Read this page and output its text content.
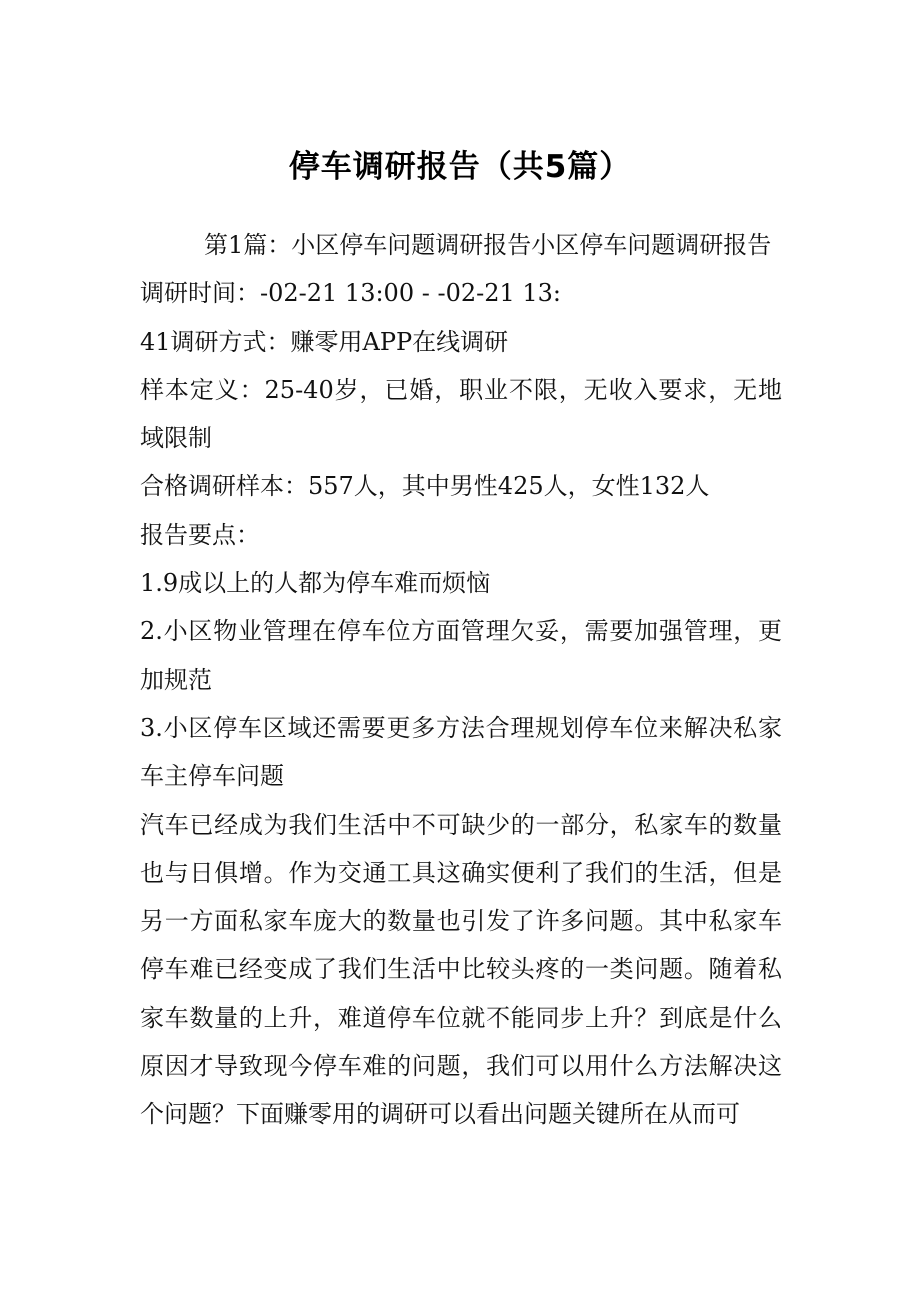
停车调研报告（共5篇）

第1篇：小区停车问题调研报告小区停车问题调研报告

调研时间：-02-21 13:00 - -02-21 13:

41调研方式：赚零用APP在线调研

样本定义：25-40岁，已婚，职业不限，无收入要求，无地域限制

合格调研样本：557人，其中男性425人，女性132人

报告要点：

1.9成以上的人都为停车难而烦恼

2.小区物业管理在停车位方面管理欠妥，需要加强管理，更加规范

3.小区停车区域还需要更多方法合理规划停车位来解决私家车主停车问题

汽车已经成为我们生活中不可缺少的一部分，私家车的数量也与日俱增。作为交通工具这确实便利了我们的生活，但是另一方面私家车庞大的数量也引发了许多问题。其中私家车停车难已经变成了我们生活中比较头疼的一类问题。随着私家车数量的上升，难道停车位就不能同步上升？到底是什么原因才导致现今停车难的问题，我们可以用什么方法解决这个问题？下面赚零用的调研可以看出问题关键所在从而可
